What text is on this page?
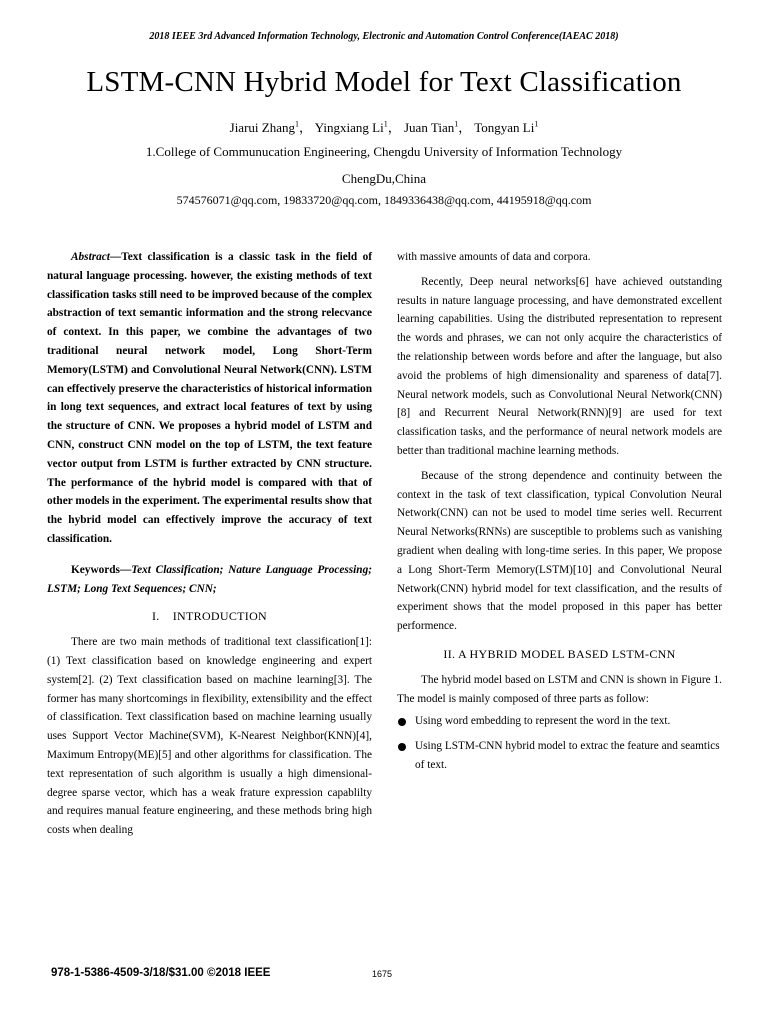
2018 IEEE 3rd Advanced Information Technology, Electronic and Automation Control Conference(IAEAC 2018)
LSTM-CNN Hybrid Model for Text Classification
Jiarui Zhang$^1$， Yingxiang Li$^1$， Juan Tian$^1$， Tongyan Li$^1$
1.College of Communucation Engineering, Chengdu University of Information Technology
ChengDu,China
574576071@qq.com, 19833720@qq.com, 1849336438@qq.com, 44195918@qq.com

Abstract—Text classification is a classic task in the field of natural language processing. however, the existing methods of text classification tasks still need to be improved because of the complex abstraction of text semantic information and the strong relecvance of context. In this paper, we combine the advantages of two traditional neural network model, Long Short-Term Memory(LSTM) and Convolutional Neural Network(CNN). LSTM can effectively preserve the characteristics of historical information in long text sequences, and extract local features of text by using the structure of CNN. We proposes a hybrid model of LSTM and CNN, construct CNN model on the top of LSTM, the text feature vector output from LSTM is further extracted by CNN structure. The performance of the hybrid model is compared with that of other models in the experiment. The experimental results show that the hybrid model can effectively improve the accuracy of text classification.

Keywords—Text Classification; Nature Language Processing; LSTM; Long Text Sequences; CNN;

I.    INTRODUCTION

There are two main methods of traditional text classification[1]: (1) Text classification based on knowledge engineering and expert system[2]. (2) Text classification based on machine learning[3]. The former has many shortcomings in flexibility, extensibility and the effect of classification. Text classification based on machine learning usually uses Support Vector Machine(SVM), K-Nearest Neighbor(KNN)[4], Maximum Entropy(ME)[5] and other algorithms for classification. The text representation of such algorithm is usually a high dimensional-degree sparse vector, which has a weak frature expression capablilty and requires manual feature engineering, and these methods bring high costs when dealing

with massive amounts of data and corpora.

Recently, Deep neural networks[6] have achieved outstanding results in nature language processing, and have demonstrated excellent learning capabilities. Using the distributed representation to represent the words and phrases, we can not only acquire the characteristics of the relationship between words before and after the language, but also avoid the problems of high dimensionality and spareness of data[7]. Neural network models, such as Convolutional Neural Network(CNN)[8] and Recurrent Neural Network(RNN)[9] are used for text classification tasks, and the performance of neural network models are better than traditional machine learning methods.

Because of the strong dependence and continuity between the context in the task of text classification, typical Convolution Neural Network(CNN) can not be used to model time series well. Recurrent Neural Networks(RNNs) are susceptible to problems such as vanishing gradient when dealing with long-time series. In this paper, We propose a Long Short-Term Memory(LSTM)[10] and Convolutional Neural Network(CNN) hybrid model for text classification, and the results of experiment shows that the model proposed in this paper has better performence.

II. A HYBRID MODEL BASED LSTM-CNN

The hybrid model based on LSTM and CNN is shown in Figure 1. The model is mainly composed of three parts as follow:

Using word embedding to represent the word in the text.
Using LSTM-CNN hybrid model to extrac the feature and seamtics of text.
978-1-5386-4509-3/18/$31.00 ©2018 IEEE	1675
